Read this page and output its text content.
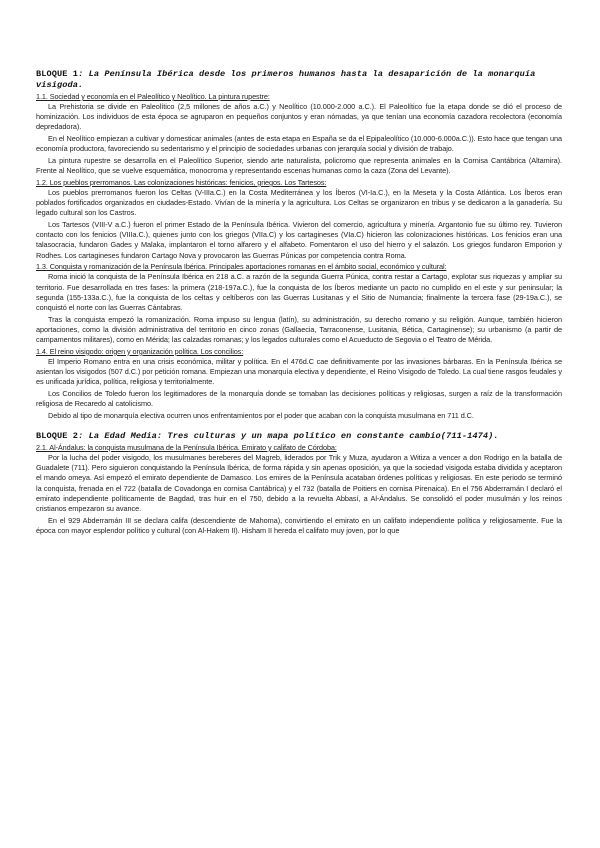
BLOQUE 1: La Península Ibérica desde los primeros humanos hasta la desaparición de la monarquía visigoda.
1.1. Sociedad y economía en el Paleolítico y Neolítico. La pintura rupestre:

La Prehistoria se divide en Paleolítico (2,5 millones de años a.C.) y Neolítico (10.000-2.000 a.C.). El Paleolítico fue la etapa donde se dió el proceso de hominización. Los individuos de esta época se agruparon en pequeños conjuntos y eran nómadas, ya que tenían una economía cazadora recolectora (economía depredadora).

En el Neolítico empiezan a cultivar y domesticar animales (antes de esta etapa en España se da el Epipaleolítico (10.000-6.000a.C.)). Esto hace que tengan una economía productora, favoreciendo su sedentarismo y el principio de sociedades urbanas con jerarquía social y división de trabajo.

La pintura rupestre se desarrolla en el Paleolítico Superior, siendo arte naturalista, policromo que representa animales en la Cornisa Cantábrica (Altamira). Frente al Neolítico, que se vuelve esquemática, monocroma y representando escenas humanas como la caza (Zona del Levante).

1.2. Los pueblos prerromanos. Las colonizaciones históricas: fenicios, griegos. Los Tartesos:

Los pueblos prerromanos fueron los Celtas (V-IIIa.C.) en la Costa Mediterránea y los Íberos (VI-Ia.C.), en la Meseta y la Costa Atlántica. Los Íberos eran poblados fortificados organizados en ciudades-Estado. Vivían de la minería y la agricultura. Los Celtas se organizaron en tribus y se dedicaron a la ganadería. Su legado cultural son los Castros.

Los Tartesos (VIII-V a.C.) fueron el primer Estado de la Península Ibérica. Vivieron del comercio, agricultura y minería. Argantonio fue su último rey. Tuvieron contacto con los fenicios (VIIIa.C.), quienes junto con los griegos (VIIa.C) y los cartagineses (VIa.C) hicieron las colonizaciones históricas. Los fenicios eran una talasocracia, fundaron Gades y Malaka, implantaron el torno alfarero y el alfabeto. Fomentaron el uso del hierro y el salazón. Los griegos fundaron Emporion y Rodhes. Los cartagineses fundaron Cartago Nova y provocaron las Guerras Púnicas por competencia contra Roma.

1.3. Conquista y romanización de la Península Ibérica. Principales aportaciones romanas en el ámbito social, económico y cultural:

Roma inició la conquista de la Península Ibérica en 218 a.C. a razón de la segunda Guerra Púnica, contra restar a Cartago, explotar sus riquezas y ampliar su territorio. Fue desarrollada en tres fases: la primera (218-197a.C.), fue la conquista de los Íberos mediante un pacto no cumplido en el este y sur peninsular; la segunda (155-133a.C.), fue la conquista de los celtas y celtíberos con las Guerras Lusitanas y el Sitio de Numancia; finalmente la tercera fase (29-19a.C.), se conquistó el norte con las Guerras Cántabras.

Tras la conquista empezó la romanización. Roma impuso su lengua (latín), su administración, su derecho romano y su religión. Aunque, también hicieron aportaciones, como la división administrativa del territorio en cinco zonas (Gallaecia, Tarraconense, Lusitania, Bética, Cartaginense); su urbanismo (a partir de campamentos militares), como en Mérida; las calzadas romanas; y los legados culturales como el Acueducto de Segovia o el Teatro de Mérida.

1.4. El reino visigodo: origen y organización política. Los concilios:

El Imperio Romano entra en una crisis económica, militar y política. En el 476d.C cae definitivamente por las invasiones bárbaras. En la Península Ibérica se asientan los visigodos (507 d.C.) por petición romana. Empiezan una monarquía electiva y dependiente, el Reino Visigodo de Toledo. La cual tiene rasgos feudales y es unificada jurídica, política, religiosa y territorialmente.

Los Concilios de Toledo fueron los legitimadores de la monarquía donde se tomaban las decisiones políticas y religiosas, surgen a raíz de la transformación religiosa de Recaredo al catolicismo.

Debido al tipo de monarquía electiva ocurren unos enfrentamientos por el poder que acaban con la conquista musulmana en 711 d.C.

BLOQUE 2: La Edad Media: Tres culturas y un mapa político en constante cambio(711-1474).
2.1. Al-Ándalus: la conquista musulmana de la Península Ibérica. Emirato y califato de Córdoba:

Por la lucha del poder visigodo, los musulmanes bereberes del Magreb, liderados por Trik y Muza, ayudaron a Witiza a vencer a don Rodrigo en la batalla de Guadalete (711). Pero siguieron conquistando la Península Ibérica, de forma rápida y sin apenas oposición, ya que la sociedad visigoda estaba dividida y aceptaron el mando omeya. Así empezó el emirato dependiente de Damasco. Los emires de la Península acataban órdenes políticas y religiosas. En este periodo se terminó la conquista, frenada en el 722 (batalla de Covadonga en cornisa Cantábrica) y el 732 (batalla de Poitiers en cornisa Pirenaica). En el 756 Abderramán I declaró el emirato independiente políticamente de Bagdad, tras huir en el 750, debido a la revuelta Abbasí, a Al-Ándalus. Se consolidó el poder musulmán y los reinos cristianos empezaron su avance.

En el 929 Abderramán III se declara califa (descendiente de Mahoma), convirtiendo el emirato en un califato independiente política y religiosamente. Fue la época con mayor esplendor político y cultural (con Al-Hakem II). Hisham II hereda el califato muy joven, por lo que
